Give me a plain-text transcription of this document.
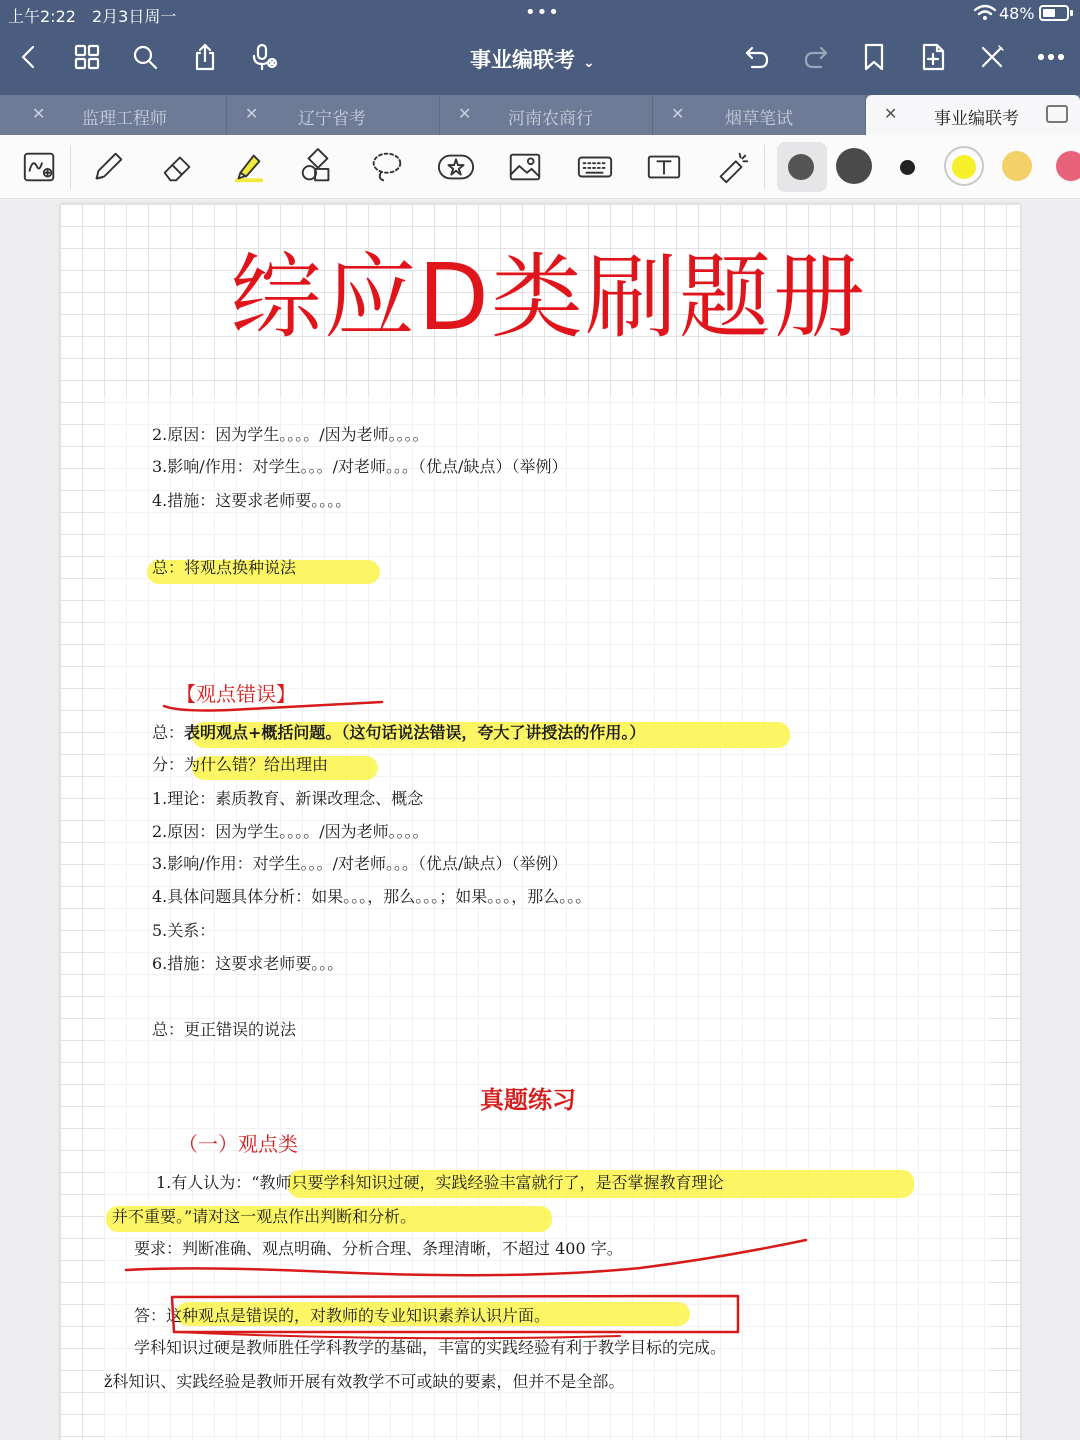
上午2:22 2月3日周一	•••	48%
事业编联考 ⌄
✕ 监理工程师	✕ 辽宁省考	✕ 河南农商行	✕ 烟草笔试	✕ 事业编联考
综应D类刷题册
2.原因：因为学生。。。。/因为老师。。。。
3.影响/作用：对学生。。。/对老师。。。（优点/缺点）（举例）
4.措施：这要求老师要。。。。
总：将观点换种说法
【观点错误】
总：表明观点+概括问题。（这句话说法错误，夸大了讲授法的作用。）
分：为什么错？给出理由
1.理论：素质教育、新课改理念、概念
2.原因：因为学生。。。。/因为老师。。。。
3.影响/作用：对学生。。。/对老师。。。（优点/缺点）（举例）
4.具体问题具体分析：如果。。。，那么。。。；如果。。。，那么。。。
5.关系：
6.措施：这要求老师要。。。
总：更正错误的说法
真题练习
（一）观点类
1.有人认为：“教师只要学科知识过硬，实践经验丰富就行了，是否掌握教育理论
并不重要。”请对这一观点作出判断和分析。
要求：判断准确、观点明确、分析合理、条理清晰，不超过 400 字。
答：这种观点是错误的，对教师的专业知识素养认识片面。
学科知识过硬是教师胜任学科教学的基础，丰富的实践经验有利于教学目标的完成。
ž科知识、实践经验是教师开展有效教学不可或缺的要素，但并不是全部。
